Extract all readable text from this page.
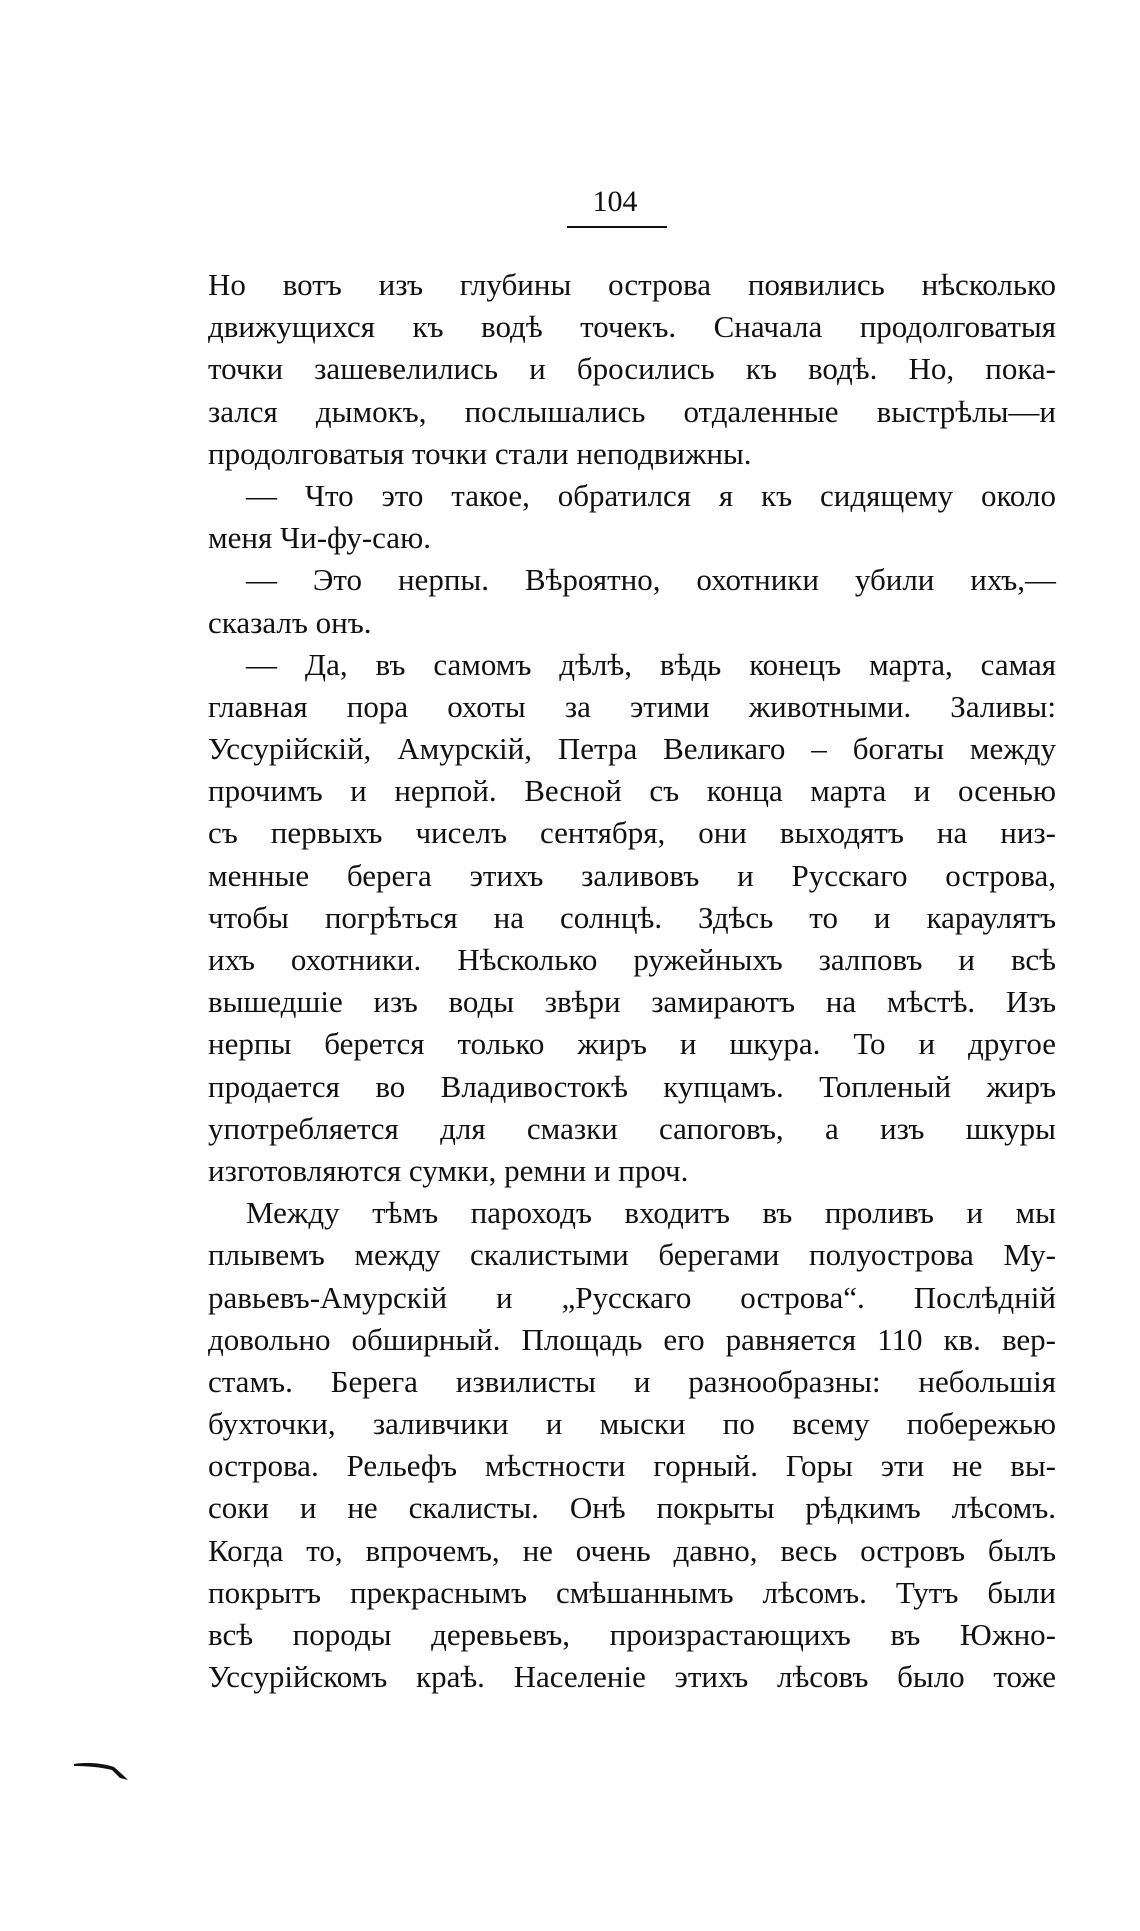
104
Но вотъ изъ глубины острова появились нѣсколько
движущихся къ водѣ точекъ. Сначала продолговатыя
точки зашевелились и бросились къ водѣ. Но, пока-
зался дымокъ, послышались отдаленные выстрѣлы—и
продолговатыя точки стали неподвижны.
— Что это такое, обратился я къ сидящему около
меня Чи-фу-саю.
— Это нерпы. Вѣроятно, охотники убили ихъ,—
сказалъ онъ.
— Да, въ самомъ дѣлѣ, вѣдь конецъ марта, самая
главная пора охоты за этими животными. Заливы:
Уссурійскій, Амурскій, Петра Великаго – богаты между
прочимъ и нерпой. Весной съ конца марта и осенью
съ первыхъ чиселъ сентября, они выходятъ на низ-
менные берега этихъ заливовъ и Русскаго острова,
чтобы погрѣться на солнцѣ. Здѣсь то и караулятъ
ихъ охотники. Нѣсколько ружейныхъ залповъ и всѣ
вышедшіе изъ воды звѣри замираютъ на мѣстѣ. Изъ
нерпы берется только жиръ и шкура. То и другое
продается во Владивостокѣ купцамъ. Топленый жиръ
употребляется для смазки сапоговъ, а изъ шкуры
изготовляются сумки, ремни и проч.
Между тѣмъ пароходъ входитъ въ проливъ и мы
плывемъ между скалистыми берегами полуострова Му-
равьевъ-Амурскій и „Русскаго острова“. Послѣдній
довольно обширный. Площадь его равняется 110 кв. вер-
стамъ. Берега извилисты и разнообразны: небольшія
бухточки, заливчики и мыски по всему побережью
острова. Рельефъ мѣстности горный. Горы эти не вы-
соки и не скалисты. Онѣ покрыты рѣдкимъ лѣсомъ.
Когда то, впрочемъ, не очень давно, весь островъ былъ
покрытъ прекраснымъ смѣшаннымъ лѣсомъ. Тутъ были
всѣ породы деревьевъ, произрастающихъ въ Южно-
Уссурійскомъ краѣ. Населеніе этихъ лѣсовъ было тоже
